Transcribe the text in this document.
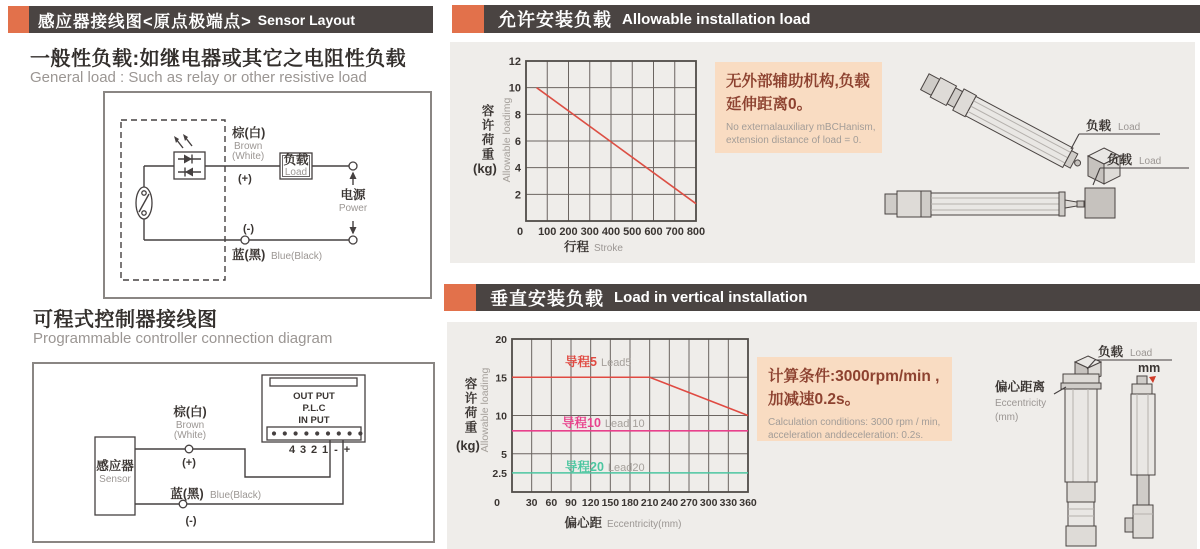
感应器接线图<原点极端点> Sensor Layout
一般性负载:如继电器或其它之电阻性负载
General load : Such as relay or other resistive load
负载
Load
棕(白)
Brown
(White)
(+)
电源
Power
(-)
蓝(黑) Blue(Black)
可程式控制器接线图
Programmable controller connection diagram
感应器
Sensor
OUT PUT
P.L.C
IN PUT
4 3 2 1 - +
棕(白)
Brown
(White)
(+)
蓝(黑) Blue(Black)
(-)
允许安装负载 Allowable installation load
负载 Load
负载 Load
行程 Stroke
0 100 200 300 400 500 600 700 800
2
4
6
8
10
12
容许荷重
(kg) Allowable loadimg
无外部辅助机构,负载
延伸距离0。
No externalauxiliary mBCHanism,
extension distance of load = 0.
垂直安装负载 Load in vertical installation
负载 Load
mm
偏心距离
Eccentricity
(mm)
偏心距 Eccentricity(mm)
0 30 60 90 120 150 180 210 240 270 300 330 360
2.5
5
10
15
20
容许荷重
(kg) Allowable loadimg
导程5 Lead5
导程10 Lead 10
导程20 Lead20
计算条件:3000rpm/min ,
加减速0.2s。
Calculation conditions: 3000 rpm / min,
acceleration anddeceleration: 0.2s.
